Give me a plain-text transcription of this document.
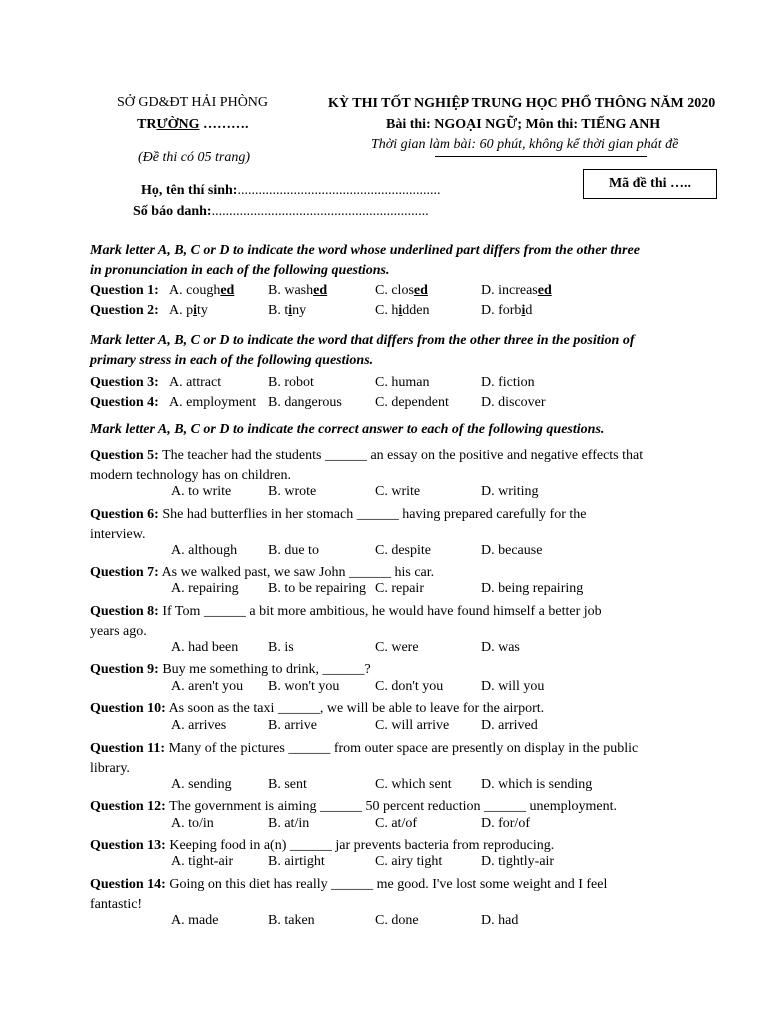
SỞ GD&ĐT HẢI PHÒNG
TRƯỜNG ……….
(Đề thi có 05 trang)
KỲ THI TỐT NGHIỆP TRUNG HỌC PHỔ THÔNG NĂM 2020
Bài thi: NGOẠI NGỮ; Môn thi: TIẾNG ANH
Thời gian làm bài: 60 phút, không kể thời gian phát đề
Họ, tên thí sinh:..........................................................
Số báo danh:..............................................................
Mã đề thi …..
Mark letter A, B, C or D to indicate the word whose underlined part differs from the other three
in pronunciation in each of the following questions.
Question 1: A. coughed B. washed	C. closed	D. increased
Question 2: A. pity	B. tiny	C. hidden	D. forbid
Mark letter A, B, C or D to indicate the word that differs from the other three in the position of
primary stress in each of the following questions.
Question 3: A. attract	B. robot	C. human	D. fiction
Question 4: A. employment B. dangerous C. dependent D. discover
Mark letter A, B, C or D to indicate the correct answer to each of the following questions.
Question 5: The teacher had the students ______ an essay on the positive and negative effects that
modern technology has on children.
A. to write	B. wrote	C. write	D. writing
Question 6: She had butterflies in her stomach ______ having prepared carefully for the
interview.
A. although B. due to	C. despite	D. because
Question 7: As we walked past, we saw John ______ his car.
A. repairing B. to be repairing C. repair	D. being repairing
Question 8: If Tom ______ a bit more ambitious, he would have found himself a better job
years ago.
A. had been B. is	C. were	D. was
Question 9: Buy me something to drink, ______?
A. aren't you B. won't you	C. don't you	D. will you
Question 10: As soon as the taxi ______, we will be able to leave for the airport.
A. arrives	B. arrive	C. will arrive D. arrived
Question 11: Many of the pictures ______ from outer space are presently on display in the public
library.
A. sending	B. sent	C. which sent D. which is sending
Question 12: The government is aiming ______ 50 percent reduction ______ unemployment.
A. to/in	B. at/in	C. at/of	D. for/of
Question 13: Keeping food in a(n) ______ jar prevents bacteria from reproducing.
A. tight-air B. airtight	C. airy tight	D. tightly-air
Question 14: Going on this diet has really ______ me good. I've lost some weight and I feel
fantastic!
A. made	B. taken	C. done	D. had
